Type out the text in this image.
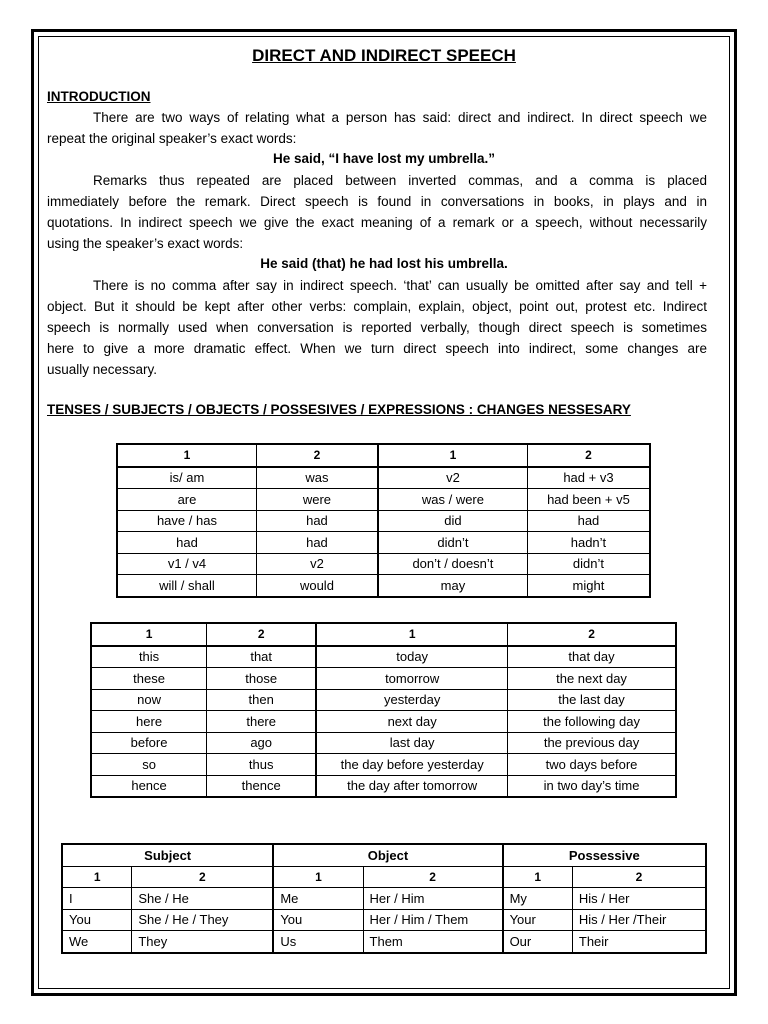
DIRECT AND INDIRECT SPEECH
INTRODUCTION
There are two ways of relating what a person has said: direct and indirect. In direct speech we
repeat the original speaker’s exact words:
He said, “I have lost my umbrella.”
Remarks thus repeated are placed between inverted commas, and a comma is placed
immediately before the remark. Direct speech is found in conversations in books, in plays and in
quotations. In indirect speech we give the exact meaning of a remark or a speech, without necessarily
using the speaker’s exact words:
He said (that) he had lost his umbrella.
There is no comma after say in indirect speech. ‘that’ can usually be omitted after say and tell +
object. But it should be kept after other verbs: complain, explain, object, point out, protest etc. Indirect
speech is normally used when conversation is reported verbally, though direct speech is sometimes
here to give a more dramatic effect. When we turn direct speech into indirect, some changes are
usually necessary.
TENSES / SUBJECTS / OBJECTS / POSSESIVES / EXPRESSIONS : CHANGES NESSESARY
1	2	1	2
is/ am	was	v2	had + v3
are	were	was / were	had been + v5
have / has	had	did	had
had	had	didn’t	hadn’t
v1 / v4	v2	don’t / doesn’t	didn’t
will / shall	would	may	might
1	2	1	2
this	that	today	that day
these	those	tomorrow	the next day
now	then	yesterday	the last day
here	there	next day	the following day
before	ago	last day	the previous day
so	thus	the day before yesterday	two days before
hence	thence	the day after tomorrow	in two day’s time
Subject		Object		Possessive	
1	2	1	2	1	2
I	She / He	Me	Her / Him	My	His / Her
You	She / He / They	You	Her / Him / Them	Your	His / Her /Their
We	They	Us	Them	Our	Their
